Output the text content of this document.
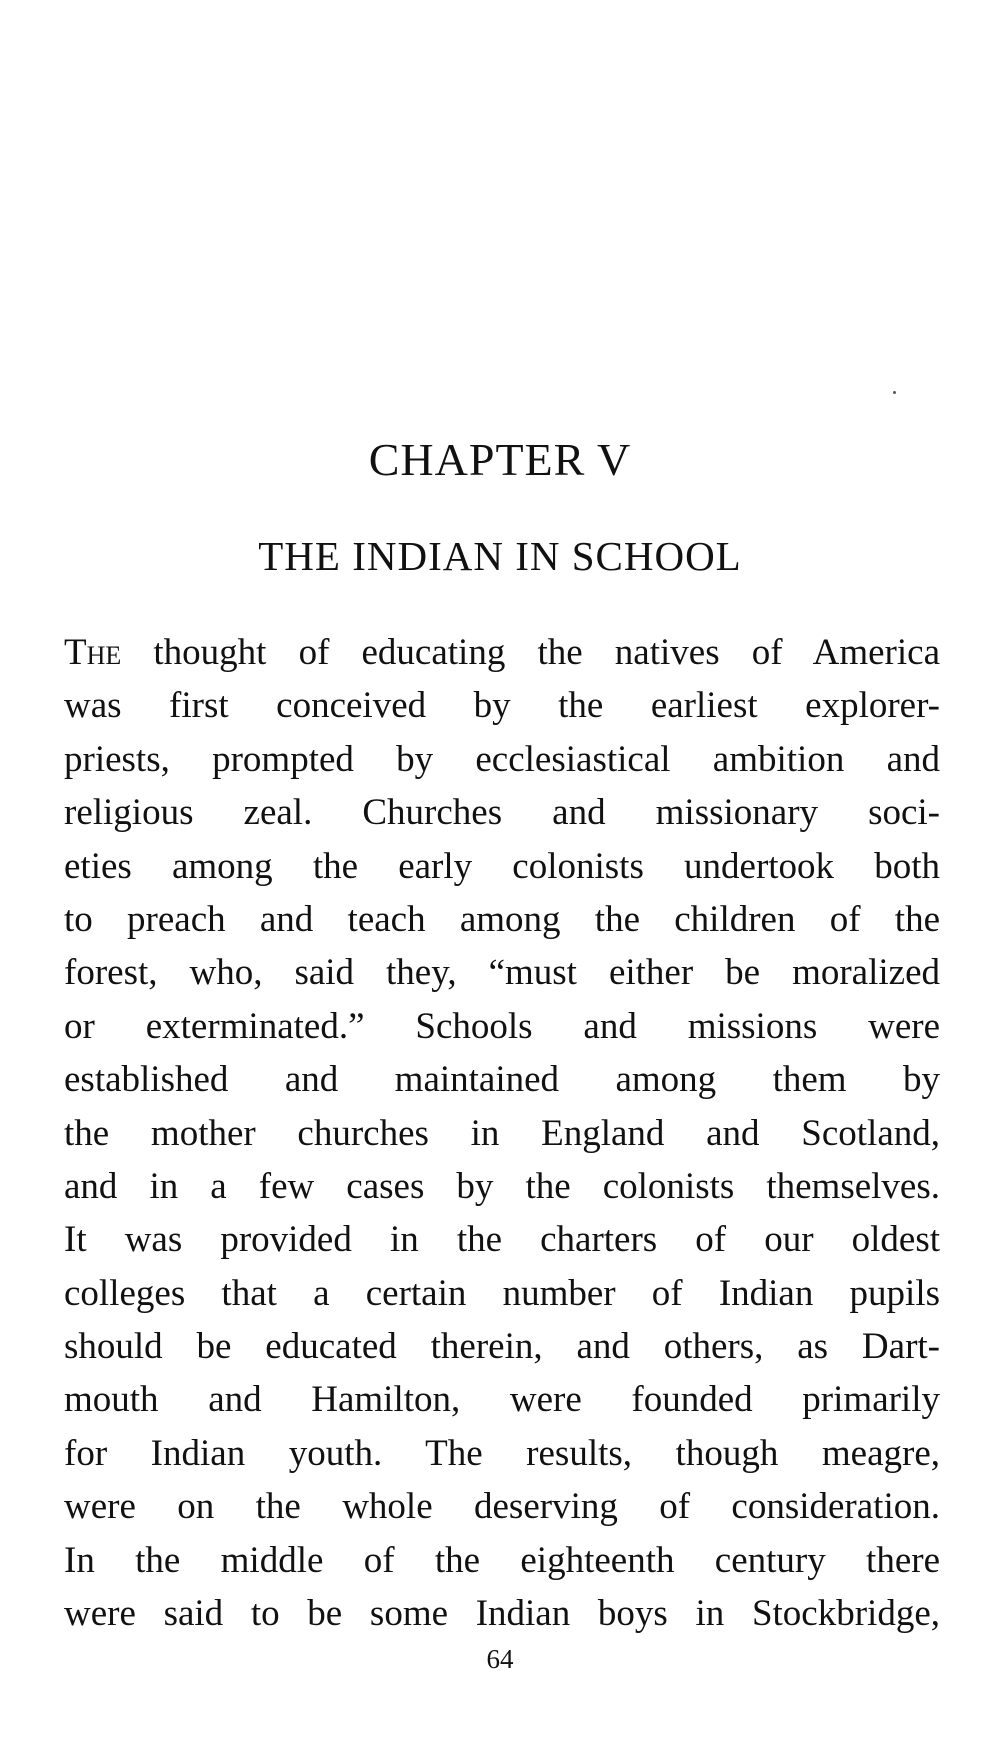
CHAPTER V
THE INDIAN IN SCHOOL
The thought of educating the natives of America
was first conceived by the earliest explorer-
priests, prompted by ecclesiastical ambition and
religious zeal. Churches and missionary soci-
eties among the early colonists undertook both
to preach and teach among the children of the
forest, who, said they, “must either be moralized
or exterminated.” Schools and missions were
established and maintained among them by
the mother churches in England and Scotland,
and in a few cases by the colonists themselves.
It was provided in the charters of our oldest
colleges that a certain number of Indian pupils
should be educated therein, and others, as Dart-
mouth and Hamilton, were founded primarily
for Indian youth. The results, though meagre,
were on the whole deserving of consideration.
In the middle of the eighteenth century there
were said to be some Indian boys in Stockbridge,
64
